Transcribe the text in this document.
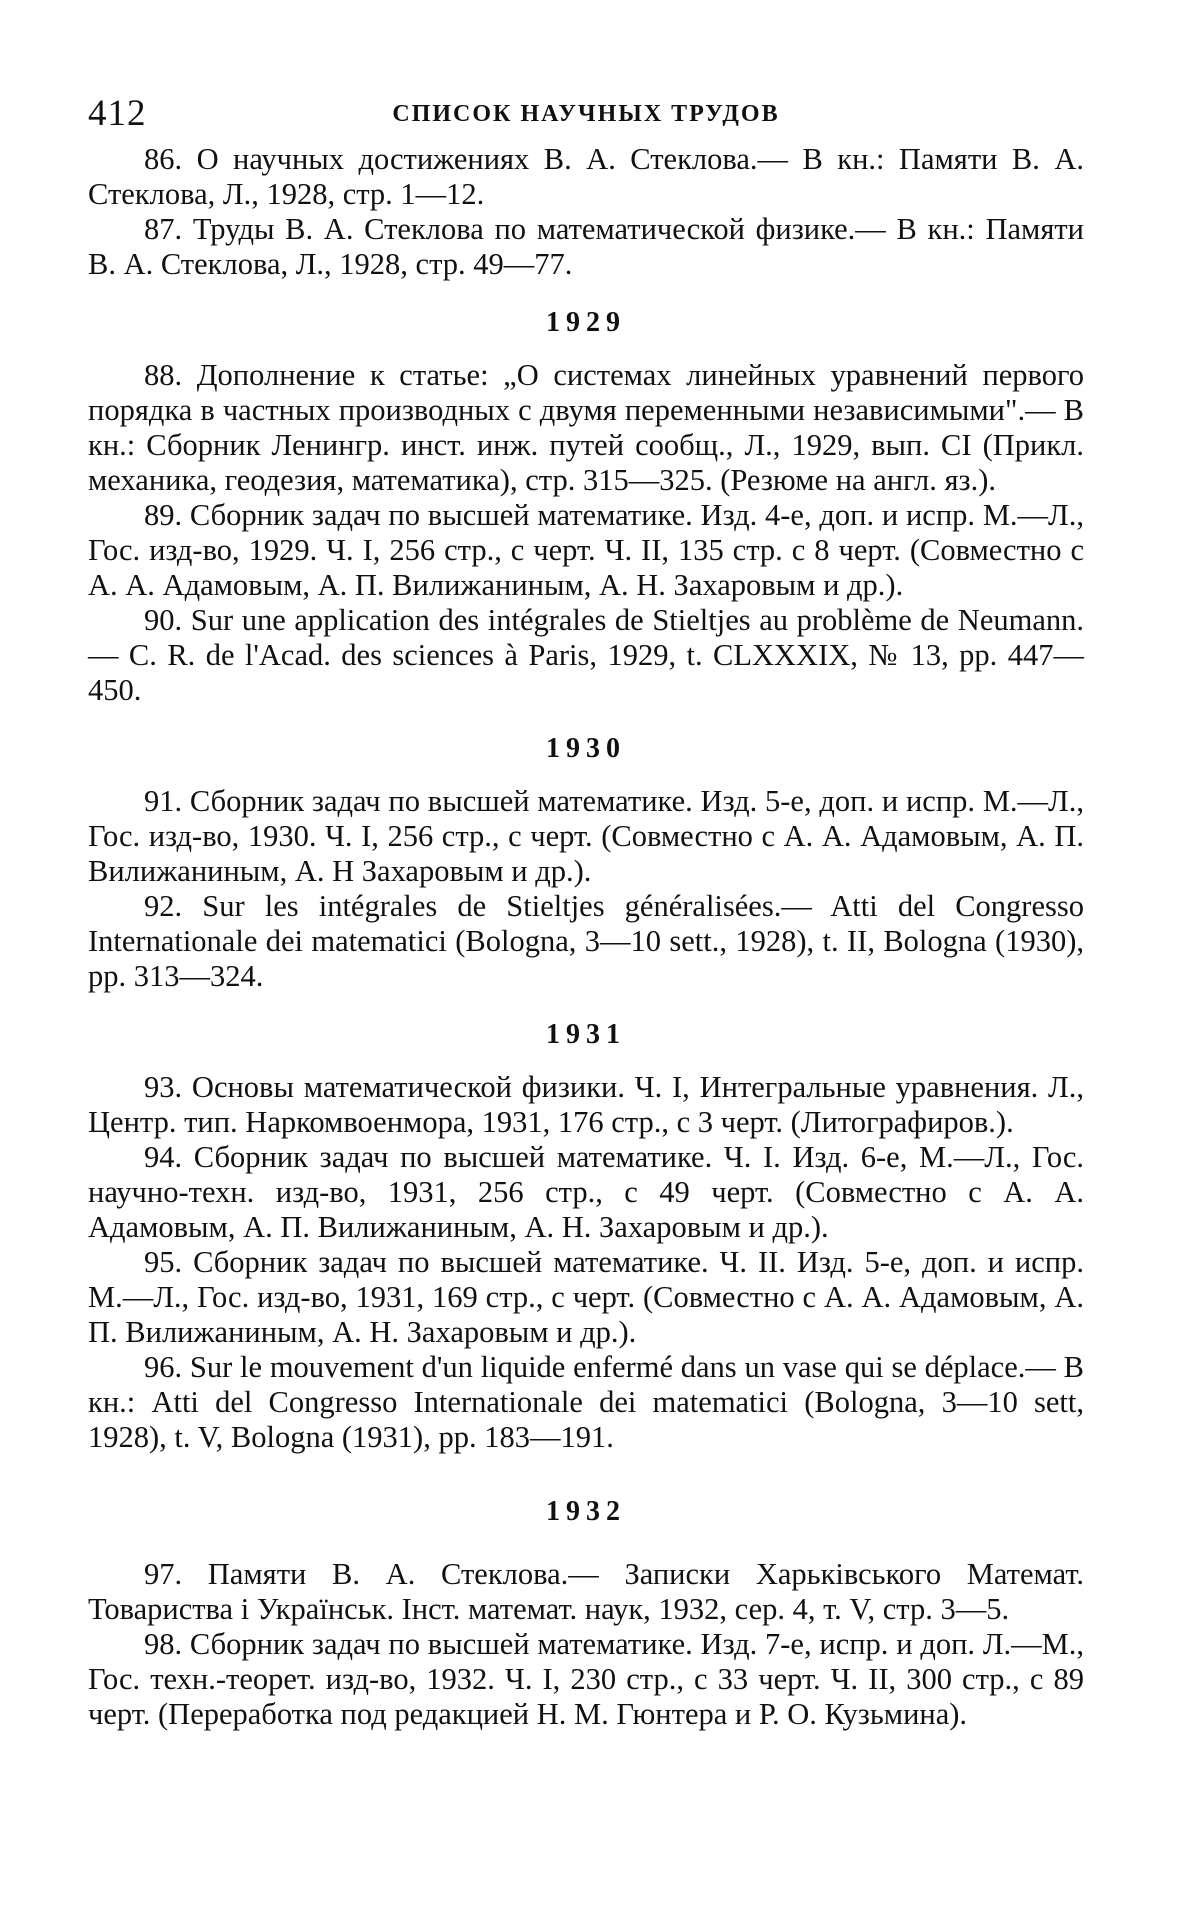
412	СПИСОК НАУЧНЫХ ТРУДОВ

86. О научных достижениях В. А. Стеклова.— В кн.: Памяти В. А. Стеклова, Л., 1928, стр. 1—12.

87. Труды В. А. Стеклова по математической физике.— В кн.: Памяти В. А. Стеклова, Л., 1928, стр. 49—77.

1929

88. Дополнение к статье: „О системах линейных уравнений первого порядка в частных производных с двумя переменными независимыми".— В кн.: Сборник Ленингр. инст. инж. путей сообщ., Л., 1929, вып. CI (Прикл. механика, геодезия, математика), стр. 315—325. (Резюме на англ. яз.).

89. Сборник задач по высшей математике. Изд. 4-е, доп. и испр. М.—Л., Гос. изд-во, 1929. Ч. I, 256 стр., с черт. Ч. II, 135 стр. с 8 черт. (Совместно с А. А. Адамовым, А. П. Вилижаниным, А. Н. Захаровым и др.).

90. Sur une application des intégrales de Stieltjes au problème de Neumann.— C. R. de l'Acad. des sciences à Paris, 1929, t. CLXXXIX, № 13, pp. 447—450.

1930

91. Сборник задач по высшей математике. Изд. 5-е, доп. и испр. М.—Л., Гос. изд-во, 1930. Ч. I, 256 стр., с черт. (Совместно с А. А. Адамовым, А. П. Вилижаниным, А. Н Захаровым и др.).

92. Sur les intégrales de Stieltjes généralisées.— Atti del Congresso Internationale dei matematici (Bologna, 3—10 sett., 1928), t. II, Bologna (1930), pp. 313—324.

1931

93. Основы математической физики. Ч. I, Интегральные уравнения. Л., Центр. тип. Наркомвоенмора, 1931, 176 стр., с 3 черт. (Литографиров.).

94. Сборник задач по высшей математике. Ч. I. Изд. 6-е, М.—Л., Гос. научно-техн. изд-во, 1931, 256 стр., с 49 черт. (Совместно с А. А. Адамовым, А. П. Вилижаниным, А. Н. Захаровым и др.).

95. Сборник задач по высшей математике. Ч. II. Изд. 5-е, доп. и испр. М.—Л., Гос. изд-во, 1931, 169 стр., с черт. (Совместно с А. А. Адамовым, А. П. Вилижаниным, А. Н. Захаровым и др.).

96. Sur le mouvement d'un liquide enfermé dans un vase qui se déplace.— В кн.: Atti del Congresso Internationale dei matematici (Bologna, 3—10 sett, 1928), t. V, Bologna (1931), pp. 183—191.

1932

97. Памяти В. А. Стеклова.— Записки Харьківського Математ. Товариства і Українськ. Інст. математ. наук, 1932, сер. 4, т. V, стр. 3—5.

98. Сборник задач по высшей математике. Изд. 7-е, испр. и доп. Л.—М., Гос. техн.-теорет. изд-во, 1932. Ч. I, 230 стр., с 33 черт. Ч. II, 300 стр., с 89 черт. (Переработка под редакцией Н. М. Гюнтера и Р. О. Кузьмина).
